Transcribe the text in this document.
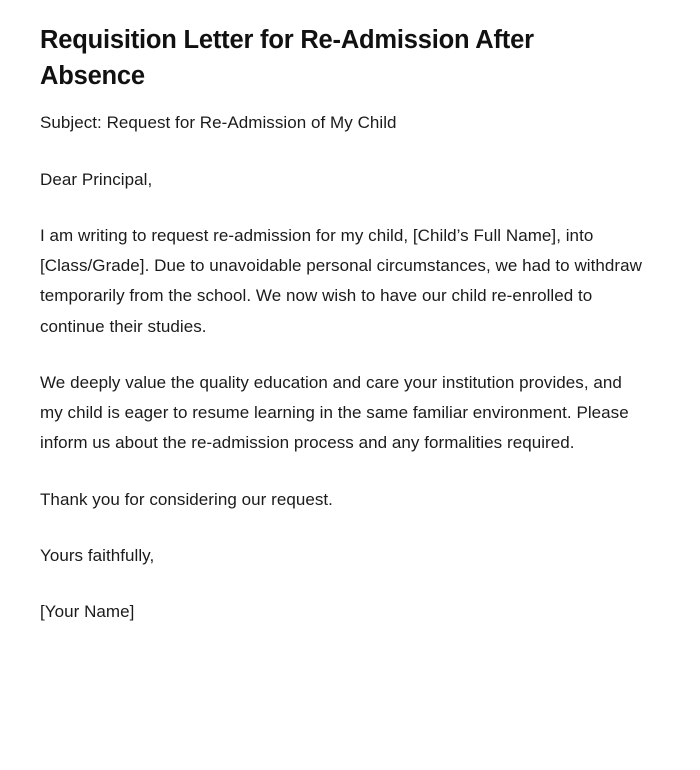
Requisition Letter for Re-Admission After Absence

Subject: Request for Re-Admission of My Child

Dear Principal,

I am writing to request re-admission for my child, [Child’s Full Name], into [Class/Grade]. Due to unavoidable personal circumstances, we had to withdraw temporarily from the school. We now wish to have our child re-enrolled to continue their studies.

We deeply value the quality education and care your institution provides, and my child is eager to resume learning in the same familiar environment. Please inform us about the re-admission process and any formalities required.

Thank you for considering our request.

Yours faithfully,

[Your Name]
